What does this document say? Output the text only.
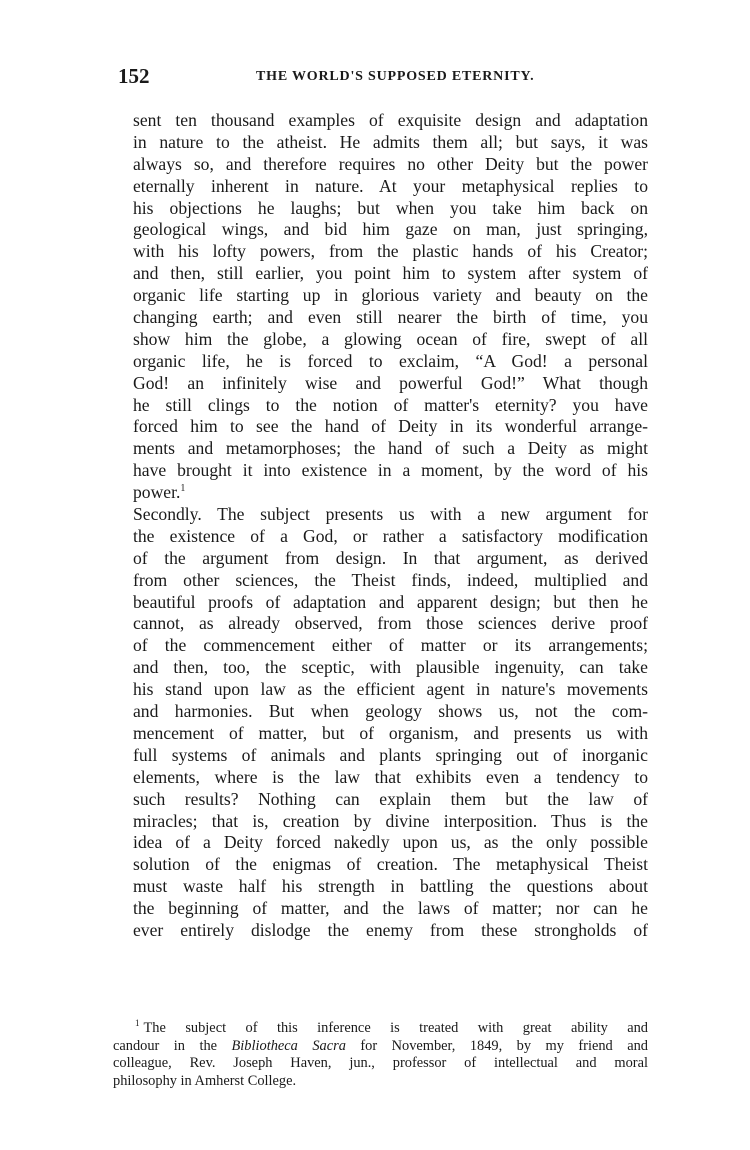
152	THE WORLD'S SUPPOSED ETERNITY.
sent ten thousand examples of exquisite design and adaptation
in nature to the atheist. He admits them all; but says, it was
always so, and therefore requires no other Deity but the power
eternally inherent in nature. At your metaphysical replies to
his objections he laughs; but when you take him back on
geological wings, and bid him gaze on man, just springing,
with his lofty powers, from the plastic hands of his Creator;
and then, still earlier, you point him to system after system of
organic life starting up in glorious variety and beauty on the
changing earth; and even still nearer the birth of time, you
show him the globe, a glowing ocean of fire, swept of all
organic life, he is forced to exclaim, “A God! a personal
God! an infinitely wise and powerful God!” What though
he still clings to the notion of matter's eternity? you have
forced him to see the hand of Deity in its wonderful arrange-
ments and metamorphoses; the hand of such a Deity as might
have brought it into existence in a moment, by the word of his
power.$^1$
Secondly. The subject presents us with a new argument for
the existence of a God, or rather a satisfactory modification
of the argument from design. In that argument, as derived
from other sciences, the Theist finds, indeed, multiplied and
beautiful proofs of adaptation and apparent design; but then he
cannot, as already observed, from those sciences derive proof
of the commencement either of matter or its arrangements;
and then, too, the sceptic, with plausible ingenuity, can take
his stand upon law as the efficient agent in nature's movements
and harmonies. But when geology shows us, not the com-
mencement of matter, but of organism, and presents us with
full systems of animals and plants springing out of inorganic
elements, where is the law that exhibits even a tendency to
such results? Nothing can explain them but the law of
miracles; that is, creation by divine interposition. Thus is the
idea of a Deity forced nakedly upon us, as the only possible
solution of the enigmas of creation. The metaphysical Theist
must waste half his strength in battling the questions about
the beginning of matter, and the laws of matter; nor can he
ever entirely dislodge the enemy from these strongholds of
$^1$ The subject of this inference is treated with great ability and
candour in the Bibliotheca Sacra for November, 1849, by my friend and
colleague, Rev. Joseph Haven, jun., professor of intellectual and moral
philosophy in Amherst College.
